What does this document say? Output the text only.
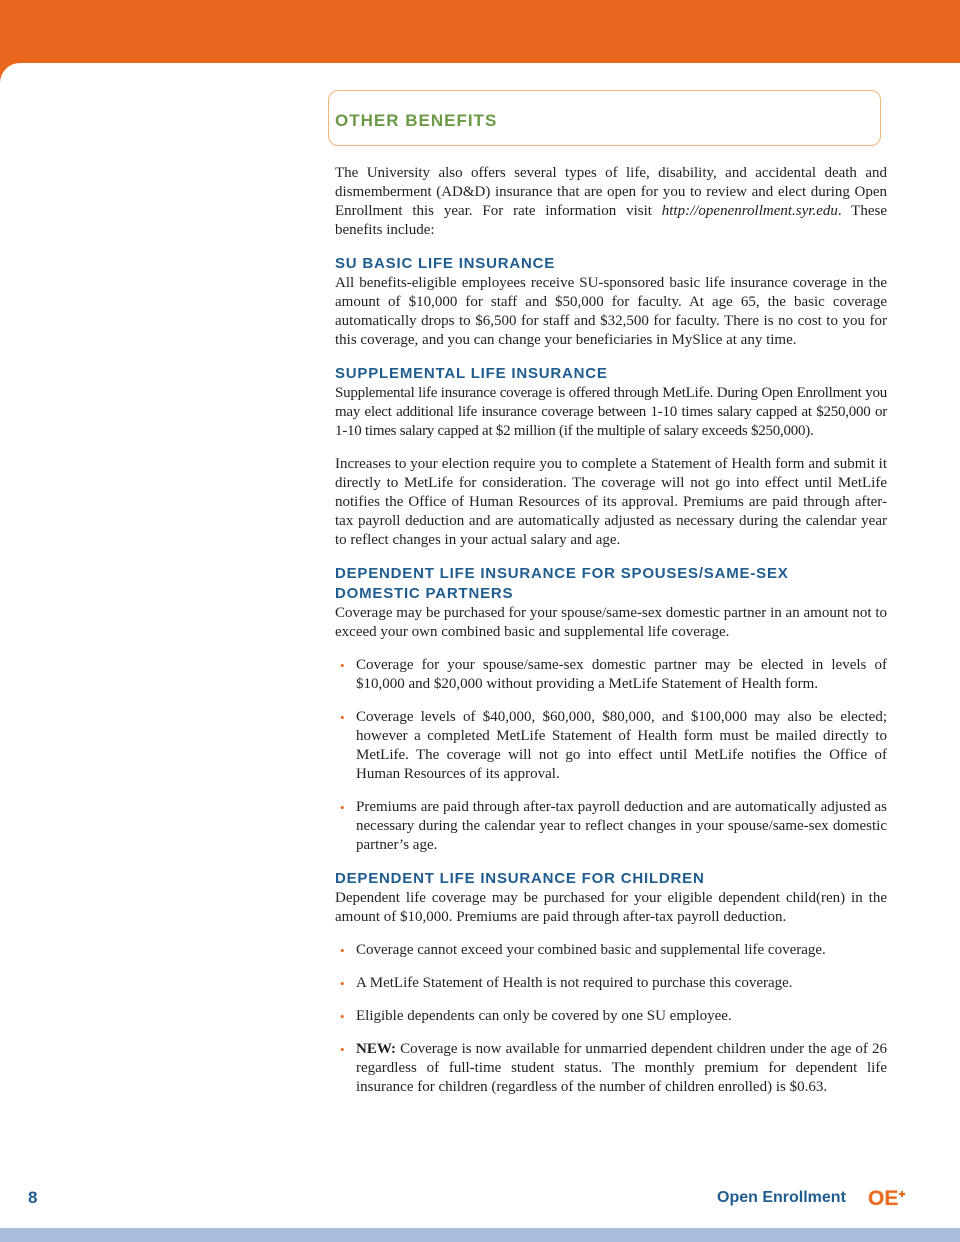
OTHER BENEFITS

The University also offers several types of life, disability, and accidental death and dismemberment (AD&D) insurance that are open for you to review and elect during Open Enrollment this year. For rate information visit http://openenrollment.syr.edu. These benefits include:

SU BASIC LIFE INSURANCE

All benefits-eligible employees receive SU-sponsored basic life insurance coverage in the amount of $10,000 for staff and $50,000 for faculty. At age 65, the basic coverage automatically drops to $6,500 for staff and $32,500 for faculty. There is no cost to you for this coverage, and you can change your beneficiaries in MySlice at any time.

SUPPLEMENTAL LIFE INSURANCE

Supplemental life insurance coverage is offered through MetLife. During Open Enrollment you may elect additional life insurance coverage between 1-10 times salary capped at $250,000 or 1-10 times salary capped at $2 million (if the multiple of salary exceeds $250,000).

Increases to your election require you to complete a Statement of Health form and submit it directly to MetLife for consideration. The coverage will not go into effect until MetLife notifies the Office of Human Resources of its approval. Premiums are paid through after-tax payroll deduction and are automatically adjusted as necessary during the calendar year to reflect changes in your actual salary and age.

DEPENDENT LIFE INSURANCE FOR SPOUSES/SAME-SEX
DOMESTIC PARTNERS

Coverage may be purchased for your spouse/same-sex domestic partner in an amount not to exceed your own combined basic and supplemental life coverage.

• Coverage for your spouse/same-sex domestic partner may be elected in levels of $10,000 and $20,000 without providing a MetLife Statement of Health form.
• Coverage levels of $40,000, $60,000, $80,000, and $100,000 may also be elected; however a completed MetLife Statement of Health form must be mailed directly to MetLife. The coverage will not go into effect until MetLife notifies the Office of Human Resources of its approval.
• Premiums are paid through after-tax payroll deduction and are automatically adjusted as necessary during the calendar year to reflect changes in your spouse/same-sex domestic partner’s age.
DEPENDENT LIFE INSURANCE FOR CHILDREN

Dependent life coverage may be purchased for your eligible dependent child(ren) in the amount of $10,000. Premiums are paid through after-tax payroll deduction.

• Coverage cannot exceed your combined basic and supplemental life coverage.
• A MetLife Statement of Health is not required to purchase this coverage.
• Eligible dependents can only be covered by one SU employee.
• NEW: Coverage is now available for unmarried dependent children under the age of 26 regardless of full-time student status. The monthly premium for dependent life insurance for children (regardless of the number of children enrolled) is $0.63.
8	Open Enrollment OE
